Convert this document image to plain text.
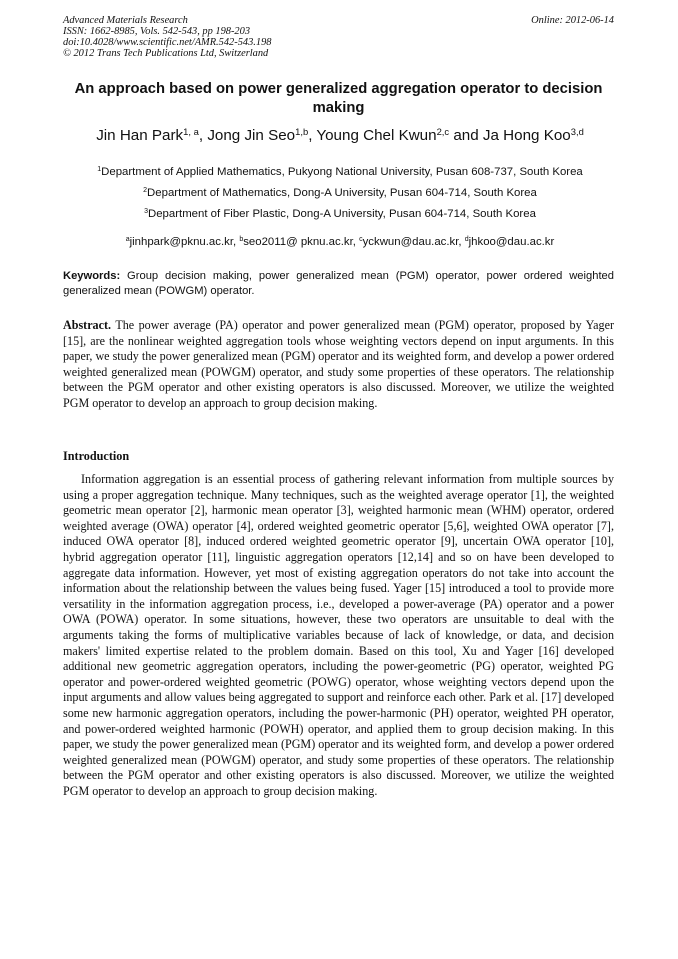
Advanced Materials Research
ISSN: 1662-8985, Vols. 542-543, pp 198-203
doi:10.4028/www.scientific.net/AMR.542-543.198
© 2012 Trans Tech Publications Ltd, Switzerland
Online: 2012-06-14
An approach based on power generalized aggregation operator to decision making
Jin Han Park$^{1, a}$, Jong Jin Seo$^{1,b}$, Young Chel Kwun$^{2,c}$ and Ja Hong Koo$^{3,d}$
$^1$Department of Applied Mathematics, Pukyong National University, Pusan 608-737, South Korea
$^2$Department of Mathematics, Dong-A University, Pusan 604-714, South Korea
$^3$Department of Fiber Plastic, Dong-A University, Pusan 604-714, South Korea
$^a$jinhpark@pknu.ac.kr, $^b$seo2011@ pknu.ac.kr, $^c$yckwun@dau.ac.kr, $^d$jhkoo@dau.ac.kr
Keywords: Group decision making, power generalized mean (PGM) operator, power ordered weighted generalized mean (POWGM) operator.
Abstract. The power average (PA) operator and power generalized mean (PGM) operator, proposed by Yager [15], are the nonlinear weighted aggregation tools whose weighting vectors depend on input arguments. In this paper, we study the power generalized mean (PGM) operator and its weighted form, and develop a power ordered weighted generalized mean (POWGM) operator, and study some properties of these operators. The relationship between the PGM operator and other existing operators is also discussed. Moreover, we utilize the weighted PGM operator to develop an approach to group decision making.
Introduction
Information aggregation is an essential process of gathering relevant information from multiple sources by using a proper aggregation technique. Many techniques, such as the weighted average operator [1], the weighted geometric mean operator [2], harmonic mean operator [3], weighted harmonic mean (WHM) operator, ordered weighted average (OWA) operator [4], ordered weighted geometric operator [5,6], weighted OWA operator [7], induced OWA operator [8], induced ordered weighted geometric operator [9], uncertain OWA operator [10], hybrid aggregation operator [11], linguistic aggregation operators [12,14] and so on have been developed to aggregate data information. However, yet most of existing aggregation operators do not take into account the information about the relationship between the values being fused. Yager [15] introduced a tool to provide more versatility in the information aggregation process, i.e., developed a power-average (PA) operator and a power OWA (POWA) operator. In some situations, however, these two operators are unsuitable to deal with the arguments taking the forms of multiplicative variables because of lack of knowledge, or data, and decision makers' limited expertise related to the problem domain. Based on this tool, Xu and Yager [16] developed additional new geometric aggregation operators, including the power-geometric (PG) operator, weighted PG operator and power-ordered weighted geometric (POWG) operator, whose weighting vectors depend upon the input arguments and allow values being aggregated to support and reinforce each other. Park et al. [17] developed some new harmonic aggregation operators, including the power-harmonic (PH) operator, weighted PH operator, and power-ordered weighted harmonic (POWH) operator, and applied them to group decision making. In this paper, we study the power generalized mean (PGM) operator and its weighted form, and develop a power ordered weighted generalized mean (POWGM) operator, and study some properties of these operators. The relationship between the PGM operator and other existing operators is also discussed. Moreover, we utilize the weighted PGM operator to develop an approach to group decision making.
